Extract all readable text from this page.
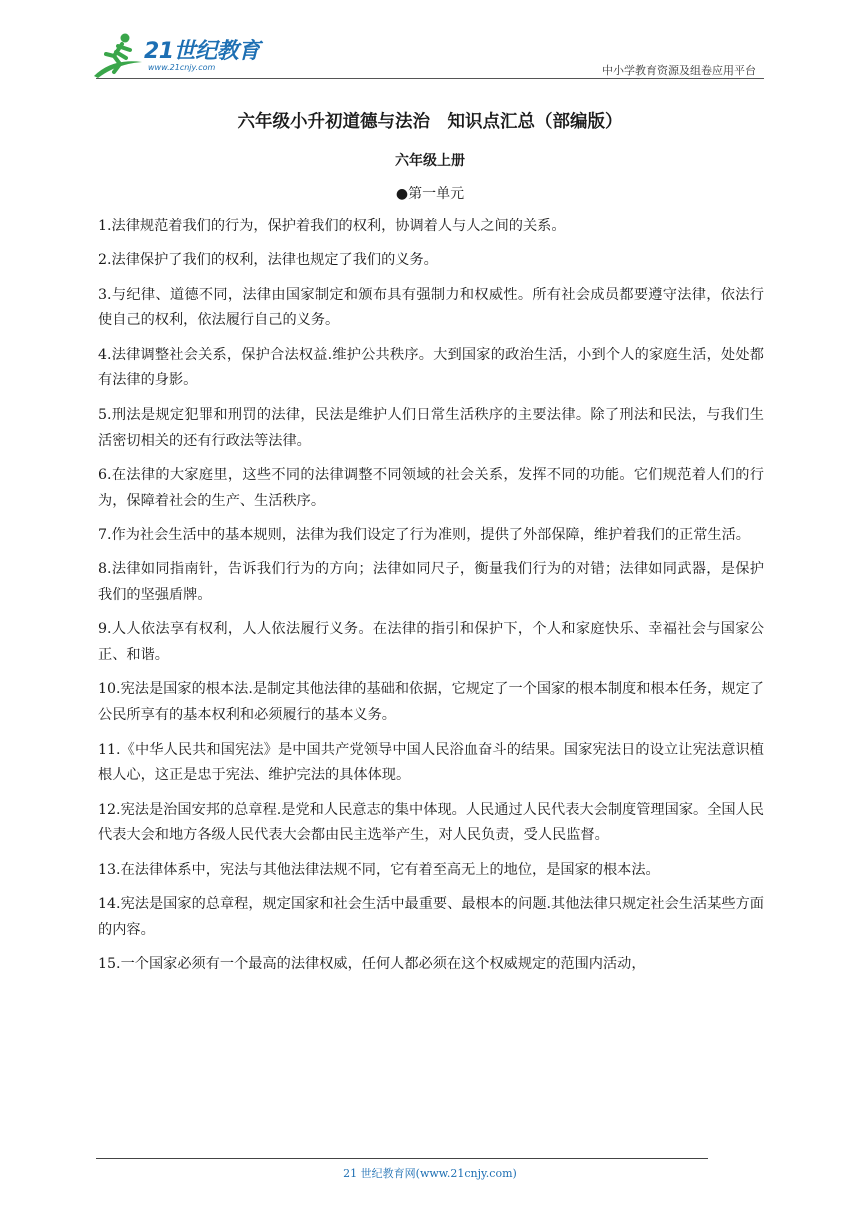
21世纪教育
www.21cnjy.com	中小学教育资源及组卷应用平台
六年级小升初道德与法治　知识点汇总（部编版）
六年级上册
●第一单元

1.法律规范着我们的行为，保护着我们的权利，协调着人与人之间的关系。

2.法律保护了我们的权利，法律也规定了我们的义务。

3.与纪律、道德不同，法律由国家制定和颁布具有强制力和权威性。所有社会成员都要遵守法律，依法行使自己的权利，依法履行自己的义务。

4.法律调整社会关系，保护合法权益.维护公共秩序。大到国家的政治生活，小到个人的家庭生活，处处都有法律的身影。

5.刑法是规定犯罪和刑罚的法律，民法是维护人们日常生活秩序的主要法律。除了刑法和民法，与我们生活密切相关的还有行政法等法律。

6.在法律的大家庭里，这些不同的法律调整不同领域的社会关系，发挥不同的功能。它们规范着人们的行为，保障着社会的生产、生活秩序。

7.作为社会生活中的基本规则，法律为我们设定了行为准则，提供了外部保障，维护着我们的正常生活。

8.法律如同指南针，告诉我们行为的方向；法律如同尺子，衡量我们行为的对错；法律如同武器，是保护我们的坚强盾牌。

9.人人依法享有权利，人人依法履行义务。在法律的指引和保护下，个人和家庭快乐、幸福社会与国家公正、和谐。

10.宪法是国家的根本法.是制定其他法律的基础和依据，它规定了一个国家的根本制度和根本任务，规定了公民所享有的基本权利和必须履行的基本义务。

11.《中华人民共和国宪法》是中国共产党领导中国人民浴血奋斗的结果。国家宪法日的设立让宪法意识植根人心，这正是忠于宪法、维护完法的具体体现。

12.宪法是治国安邦的总章程.是党和人民意志的集中体现。人民通过人民代表大会制度管理国家。全国人民代表大会和地方各级人民代表大会都由民主选举产生，对人民负责，受人民监督。

13.在法律体系中，宪法与其他法律法规不同，它有着至高无上的地位，是国家的根本法。

14.宪法是国家的总章程，规定国家和社会生活中最重要、最根本的问题.其他法律只规定社会生活某些方面的内容。

15.一个国家必须有一个最高的法律权威，任何人都必须在这个权威规定的范围内活动，

21 世纪教育网(www.21cnjy.com)
